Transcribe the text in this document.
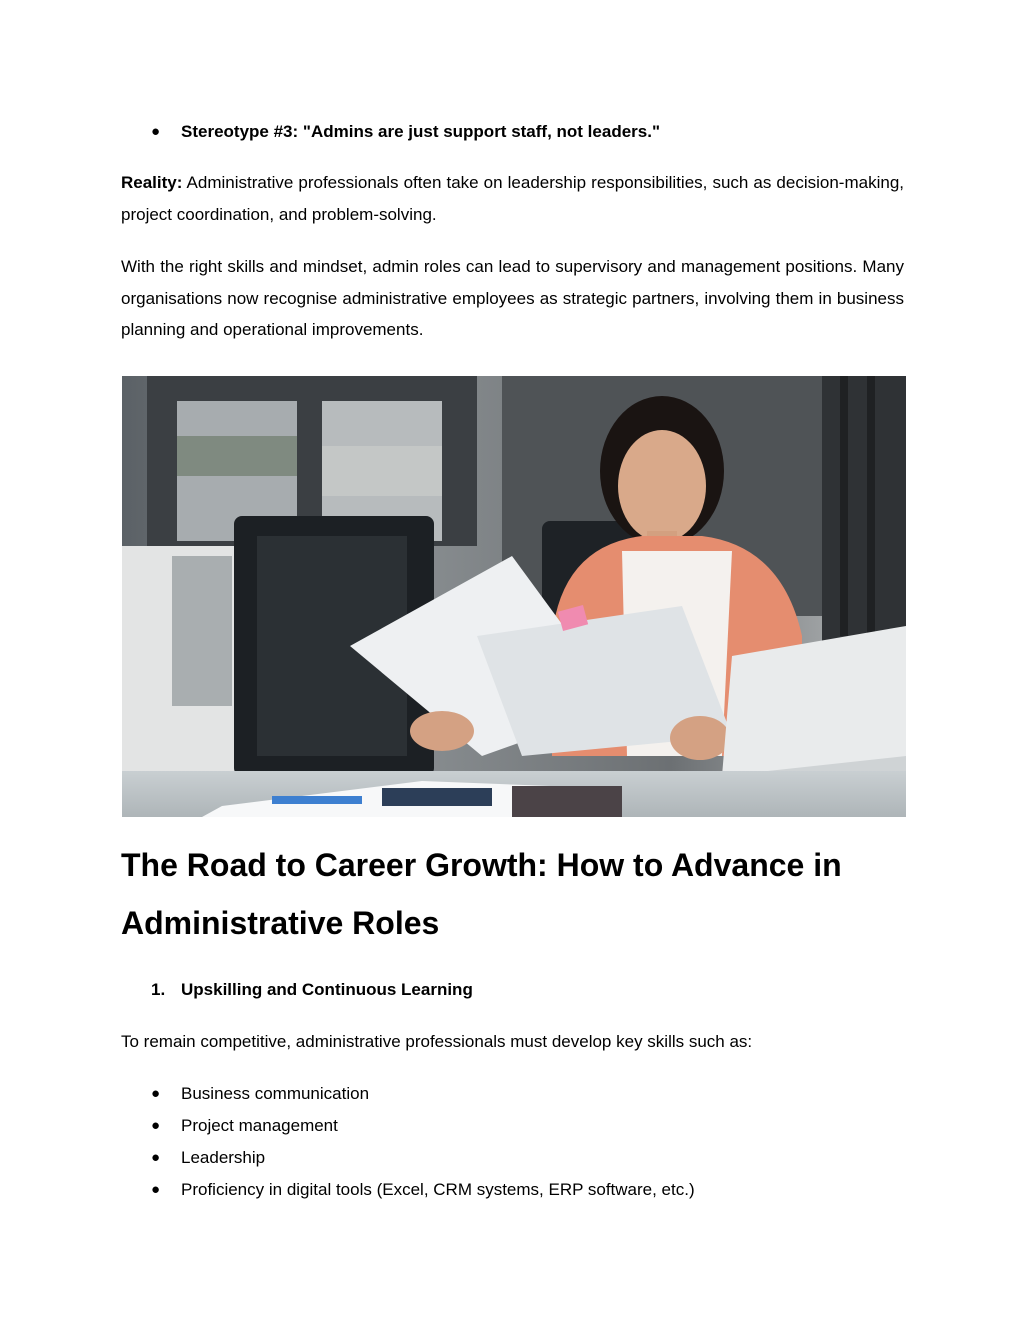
● Stereotype #3: "Admins are just support staff, not leaders."
Reality: Administrative professionals often take on leadership responsibilities, such as decision-making, project coordination, and problem-solving.
With the right skills and mindset, admin roles can lead to supervisory and management positions. Many organisations now recognise administrative employees as strategic partners, involving them in business planning and operational improvements.
The Road to Career Growth: How to Advance in Administrative Roles
1. Upskilling and Continuous Learning
To remain competitive, administrative professionals must develop key skills such as:
● Business communication
● Project management
● Leadership
● Proficiency in digital tools (Excel, CRM systems, ERP software, etc.)
